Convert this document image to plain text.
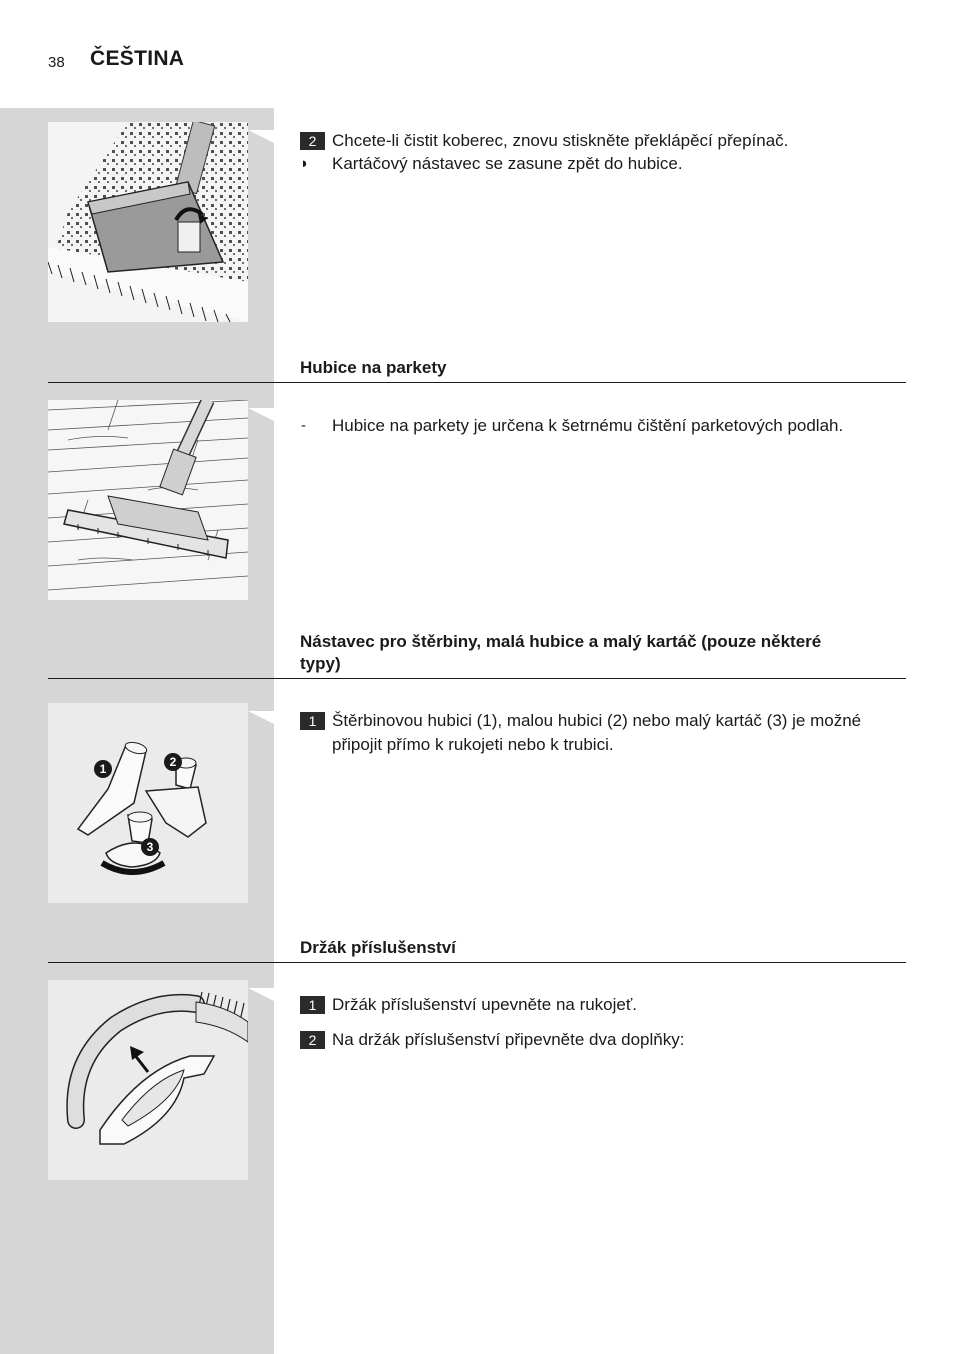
38 ČEŠTINA
2 Chcete-li čistit koberec, znovu stiskněte překlápěcí přepínač.
◗	Kartáčový nástavec se zasune zpět do hubice.
Hubice na parkety
-	Hubice na parkety je určena k šetrnému čištění parketových podlah.
Nástavec pro štěrbiny, malá hubice a malý kartáč (pouze některé typy)
1	2
3
1 Štěrbinovou hubici (1), malou hubici (2) nebo malý kartáč (3) je možné připojit přímo k rukojeti nebo k trubici.
Držák příslušenství
1 Držák příslušenství upevněte na rukojeť.
2 Na držák příslušenství připevněte dva doplňky:
